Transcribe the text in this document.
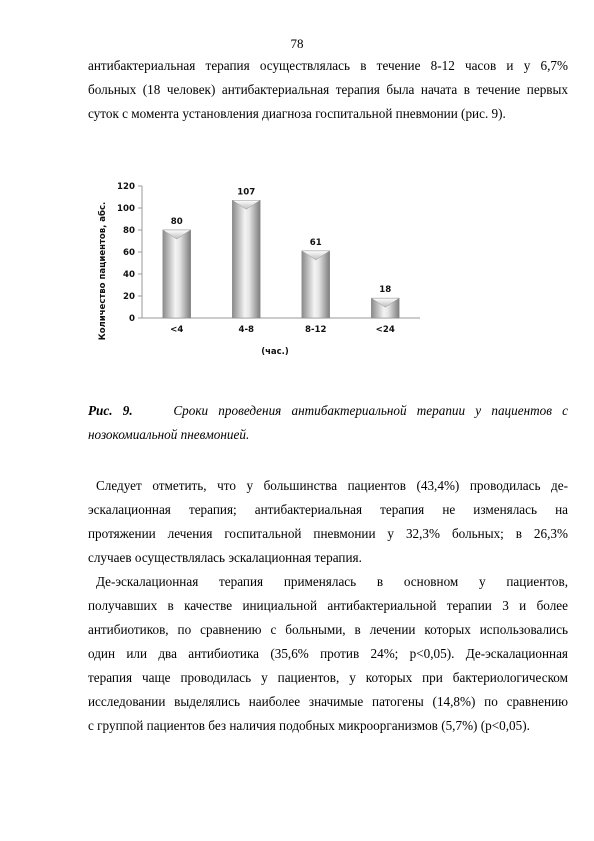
78

антибактериальная терапия осуществлялась в течение 8-12 часов и у 6,7%
больных (18 человек) антибактериальная терапия была начата в течение первых
суток с момента установления диагноза госпитальной пневмонии (рис. 9).

0
20
40
60
80
100
120
<4	4-8	8-12	<24
80
107
61
18
Количество пациентов, абс.
(час.)

Рис. 9.	Сроки проведения антибактериальной терапии у пациентов с
нозокомиальной пневмонией.

Следует отметить, что у большинства пациентов (43,4%) проводилась де-
эскалационная терапия; антибактериальная терапия не изменялась на
протяжении лечения госпитальной пневмонии у 32,3% больных; в 26,3%
случаев осуществлялась эскалационная терапия.

Де-эскалационная терапия применялась в основном у пациентов,
получавших в качестве инициальной антибактериальной терапии 3 и более
антибиотиков, по сравнению с больными, в лечении которых использовались
один или два антибиотика (35,6% против 24%; p<0,05). Де-эскалационная
терапия чаще проводилась у пациентов, у которых при бактериологическом
исследовании выделялись наиболее значимые патогены (14,8%) по сравнению
с группой пациентов без наличия подобных микроорганизмов (5,7%) (p<0,05).
